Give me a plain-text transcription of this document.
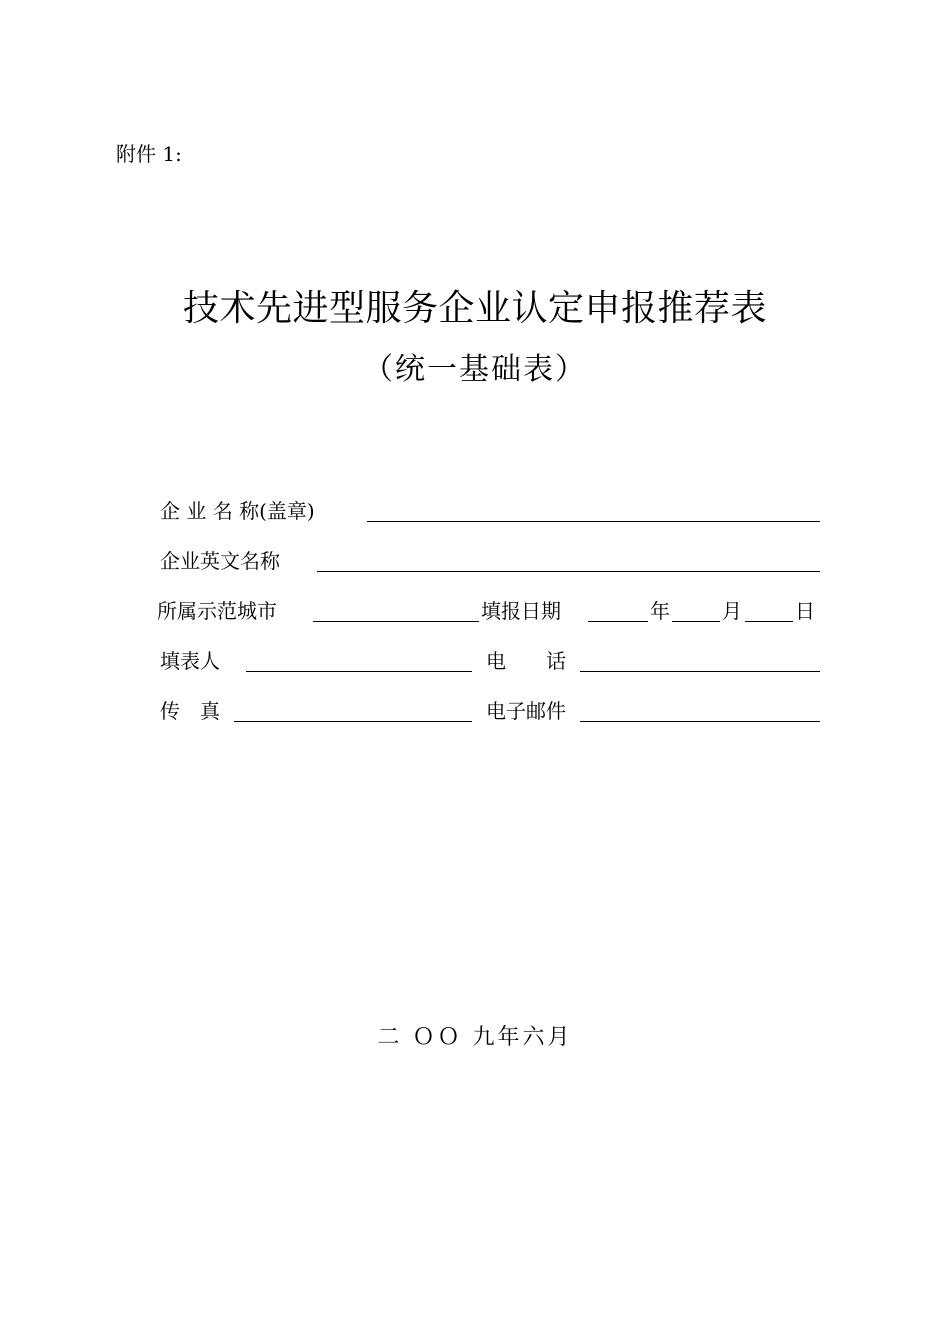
附件 1:
技术先进型服务企业认定申报推荐表
（统一基础表）
企 业 名 称(盖章)
企业英文名称
所属示范城市	填报日期	年	月	日
填表人	电　　话
传　真	电子邮件
二 ＯＯ 九年六月
